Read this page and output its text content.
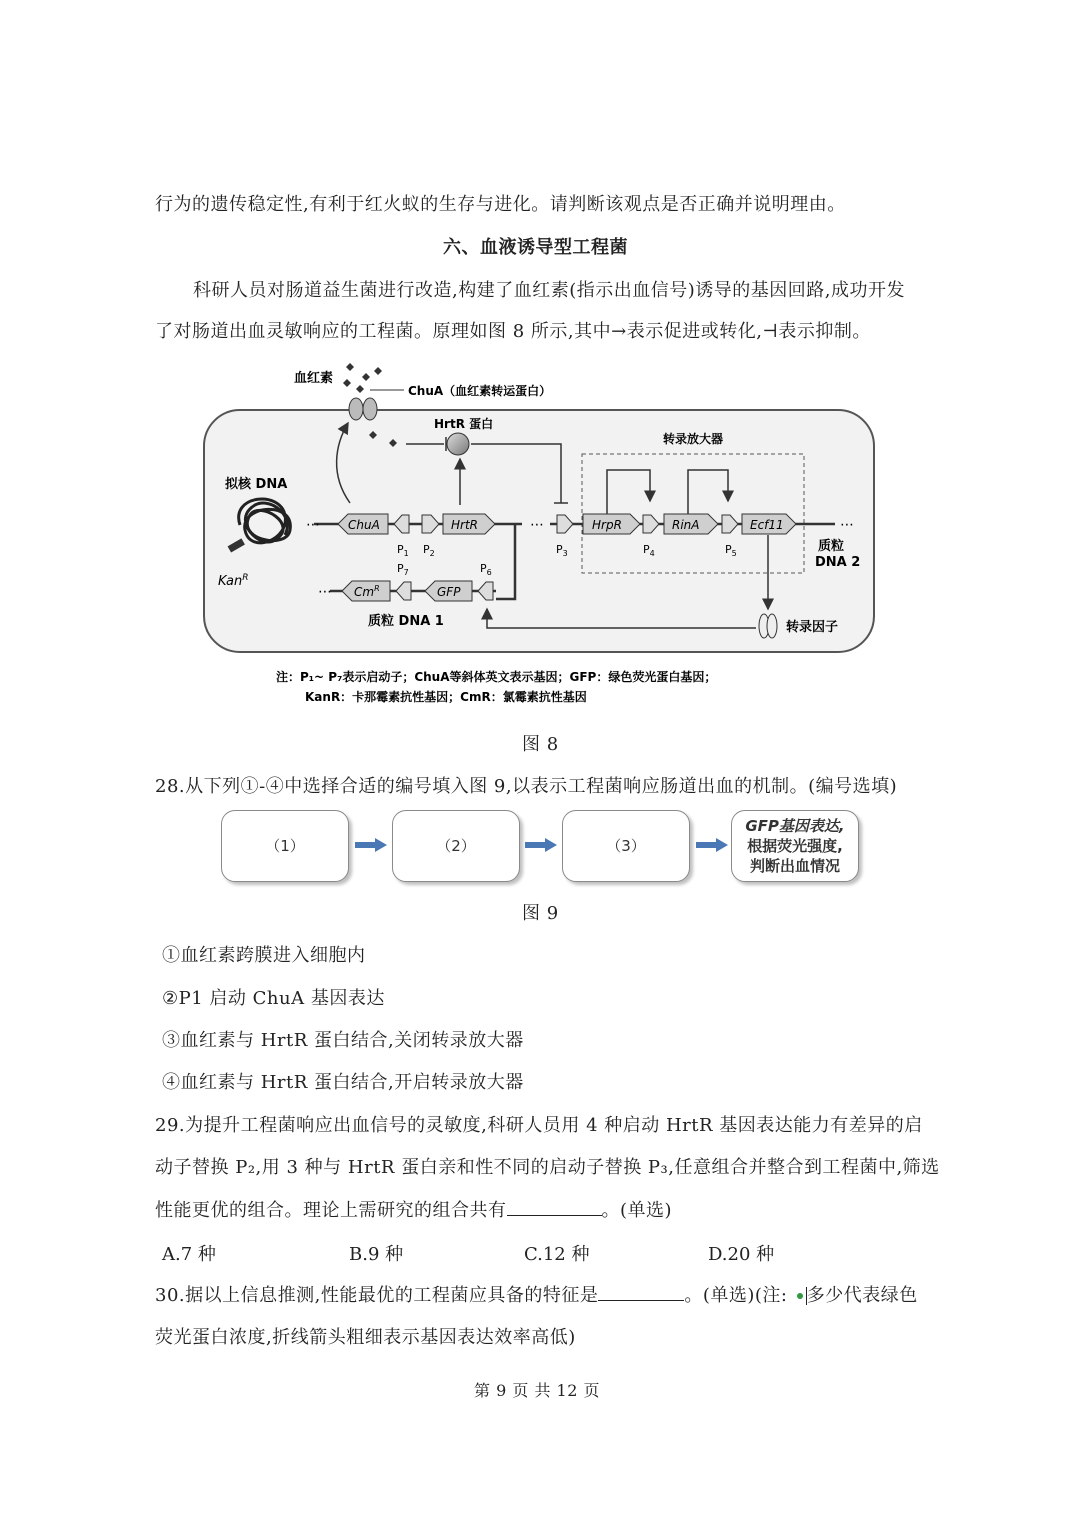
行为的遗传稳定性,有利于红火蚁的生存与进化。请判断该观点是否正确并说明理由。
六、血液诱导型工程菌
科研人员对肠道益生菌进行改造,构建了血红素(指示出血信号)诱导的基因回路,成功开发
了对肠道出血灵敏响应的工程菌。原理如图 8 所示,其中→表示促进或转化,⊣表示抑制。
血红素
ChuA（血红素转运蛋白）
HrtR 蛋白
转录放大器
拟核 DNA
Kan$^R$
⋯ ChuA	HrtR
$P_1$ $P_2$
⋯ $Cm^R$	GFP
$P_7$	$P_6$
质粒 DNA 1
⋯	⋯
$P_3$
HrpR
$P_4$
RinA
$P_5$
Ecf11
质粒 DNA 2
转录因子
注：P₁~ P₇表示启动子；ChuA等斜体英文表示基因；GFP：绿色荧光蛋白基因；
KanR：卡那霉素抗性基因；CmR：氯霉素抗性基因
图 8
28.从下列①-④中选择合适的编号填入图 9,以表示工程菌响应肠道出血的机制。(编号选填)
（1）	（2）	（3）
GFP基因表达,
根据荧光强度,
判断出血情况
图 9
①血红素跨膜进入细胞内
②P1 启动 ChuA 基因表达
③血红素与 HrtR 蛋白结合,关闭转录放大器
④血红素与 HrtR 蛋白结合,开启转录放大器
29.为提升工程菌响应出血信号的灵敏度,科研人员用 4 种启动 HrtR 基因表达能力有差异的启
动子替换 P₂,用 3 种与 HrtR 蛋白亲和性不同的启动子替换 P₃,任意组合并整合到工程菌中,筛选
性能更优的组合。理论上需研究的组合共有	。(单选)
A.7 种	B.9 种	C.12 种	D.20 种
30.据以上信息推测,性能最优的工程菌应具备的特征是	。(单选)(注: 多少代表绿色
荧光蛋白浓度,折线箭头粗细表示基因表达效率高低)
第 9 页 共 12 页
